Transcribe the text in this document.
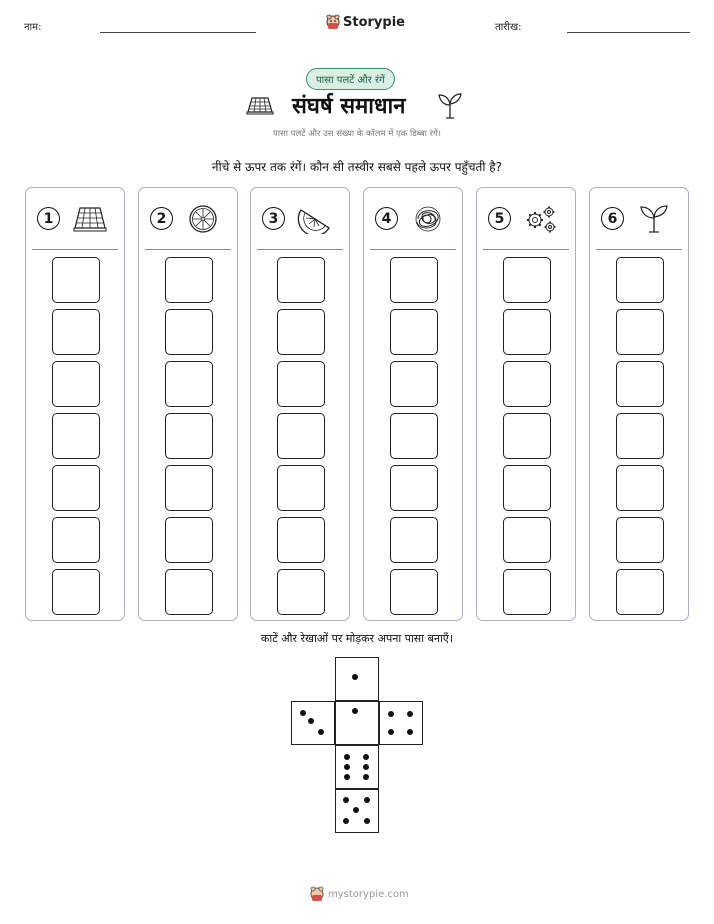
नाम:	Storypie	तारीख:
पासा पलटें और रंगें
संघर्ष समाधान
पासा पलटें और उस संख्या के कॉलम में एक डिब्बा रंगें।
नीचे से ऊपर तक रंगें। कौन सी तस्वीर सबसे पहले ऊपर पहुँचती है?
1	2	3	4	5	6
काटें और रेखाओं पर मोड़कर अपना पासा बनाएँ।
mystorypie.com
